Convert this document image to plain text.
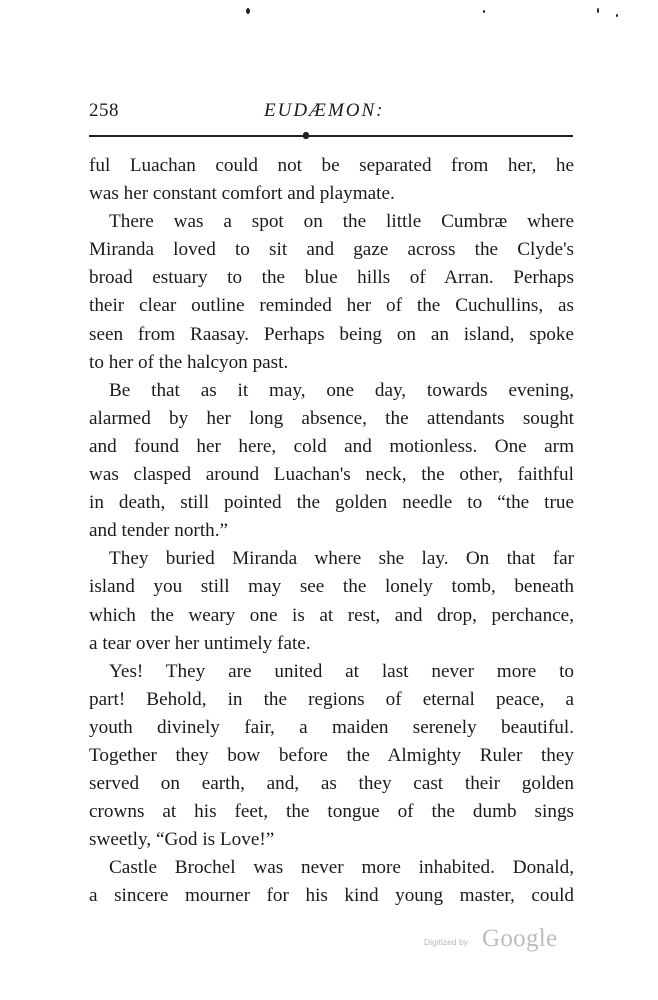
258	EUDÆMON:
ful Luachan could not be separated from her, he
was her constant comfort and playmate.
There was a spot on the little Cumbræ where
Miranda loved to sit and gaze across the Clyde's
broad estuary to the blue hills of Arran. Perhaps
their clear outline reminded her of the Cuchullins, as
seen from Raasay. Perhaps being on an island, spoke
to her of the halcyon past.
Be that as it may, one day, towards evening,
alarmed by her long absence, the attendants sought
and found her here, cold and motionless. One arm
was clasped around Luachan's neck, the other, faithful
in death, still pointed the golden needle to “the true
and tender north.”
They buried Miranda where she lay. On that far
island you still may see the lonely tomb, beneath
which the weary one is at rest, and drop, perchance,
a tear over her untimely fate.
Yes! They are united at last never more to
part! Behold, in the regions of eternal peace, a
youth divinely fair, a maiden serenely beautiful.
Together they bow before the Almighty Ruler they
served on earth, and, as they cast their golden
crowns at his feet, the tongue of the dumb sings
sweetly, “God is Love!”
Castle Brochel was never more inhabited. Donald,
a sincere mourner for his kind young master, could
Digitized by Google
